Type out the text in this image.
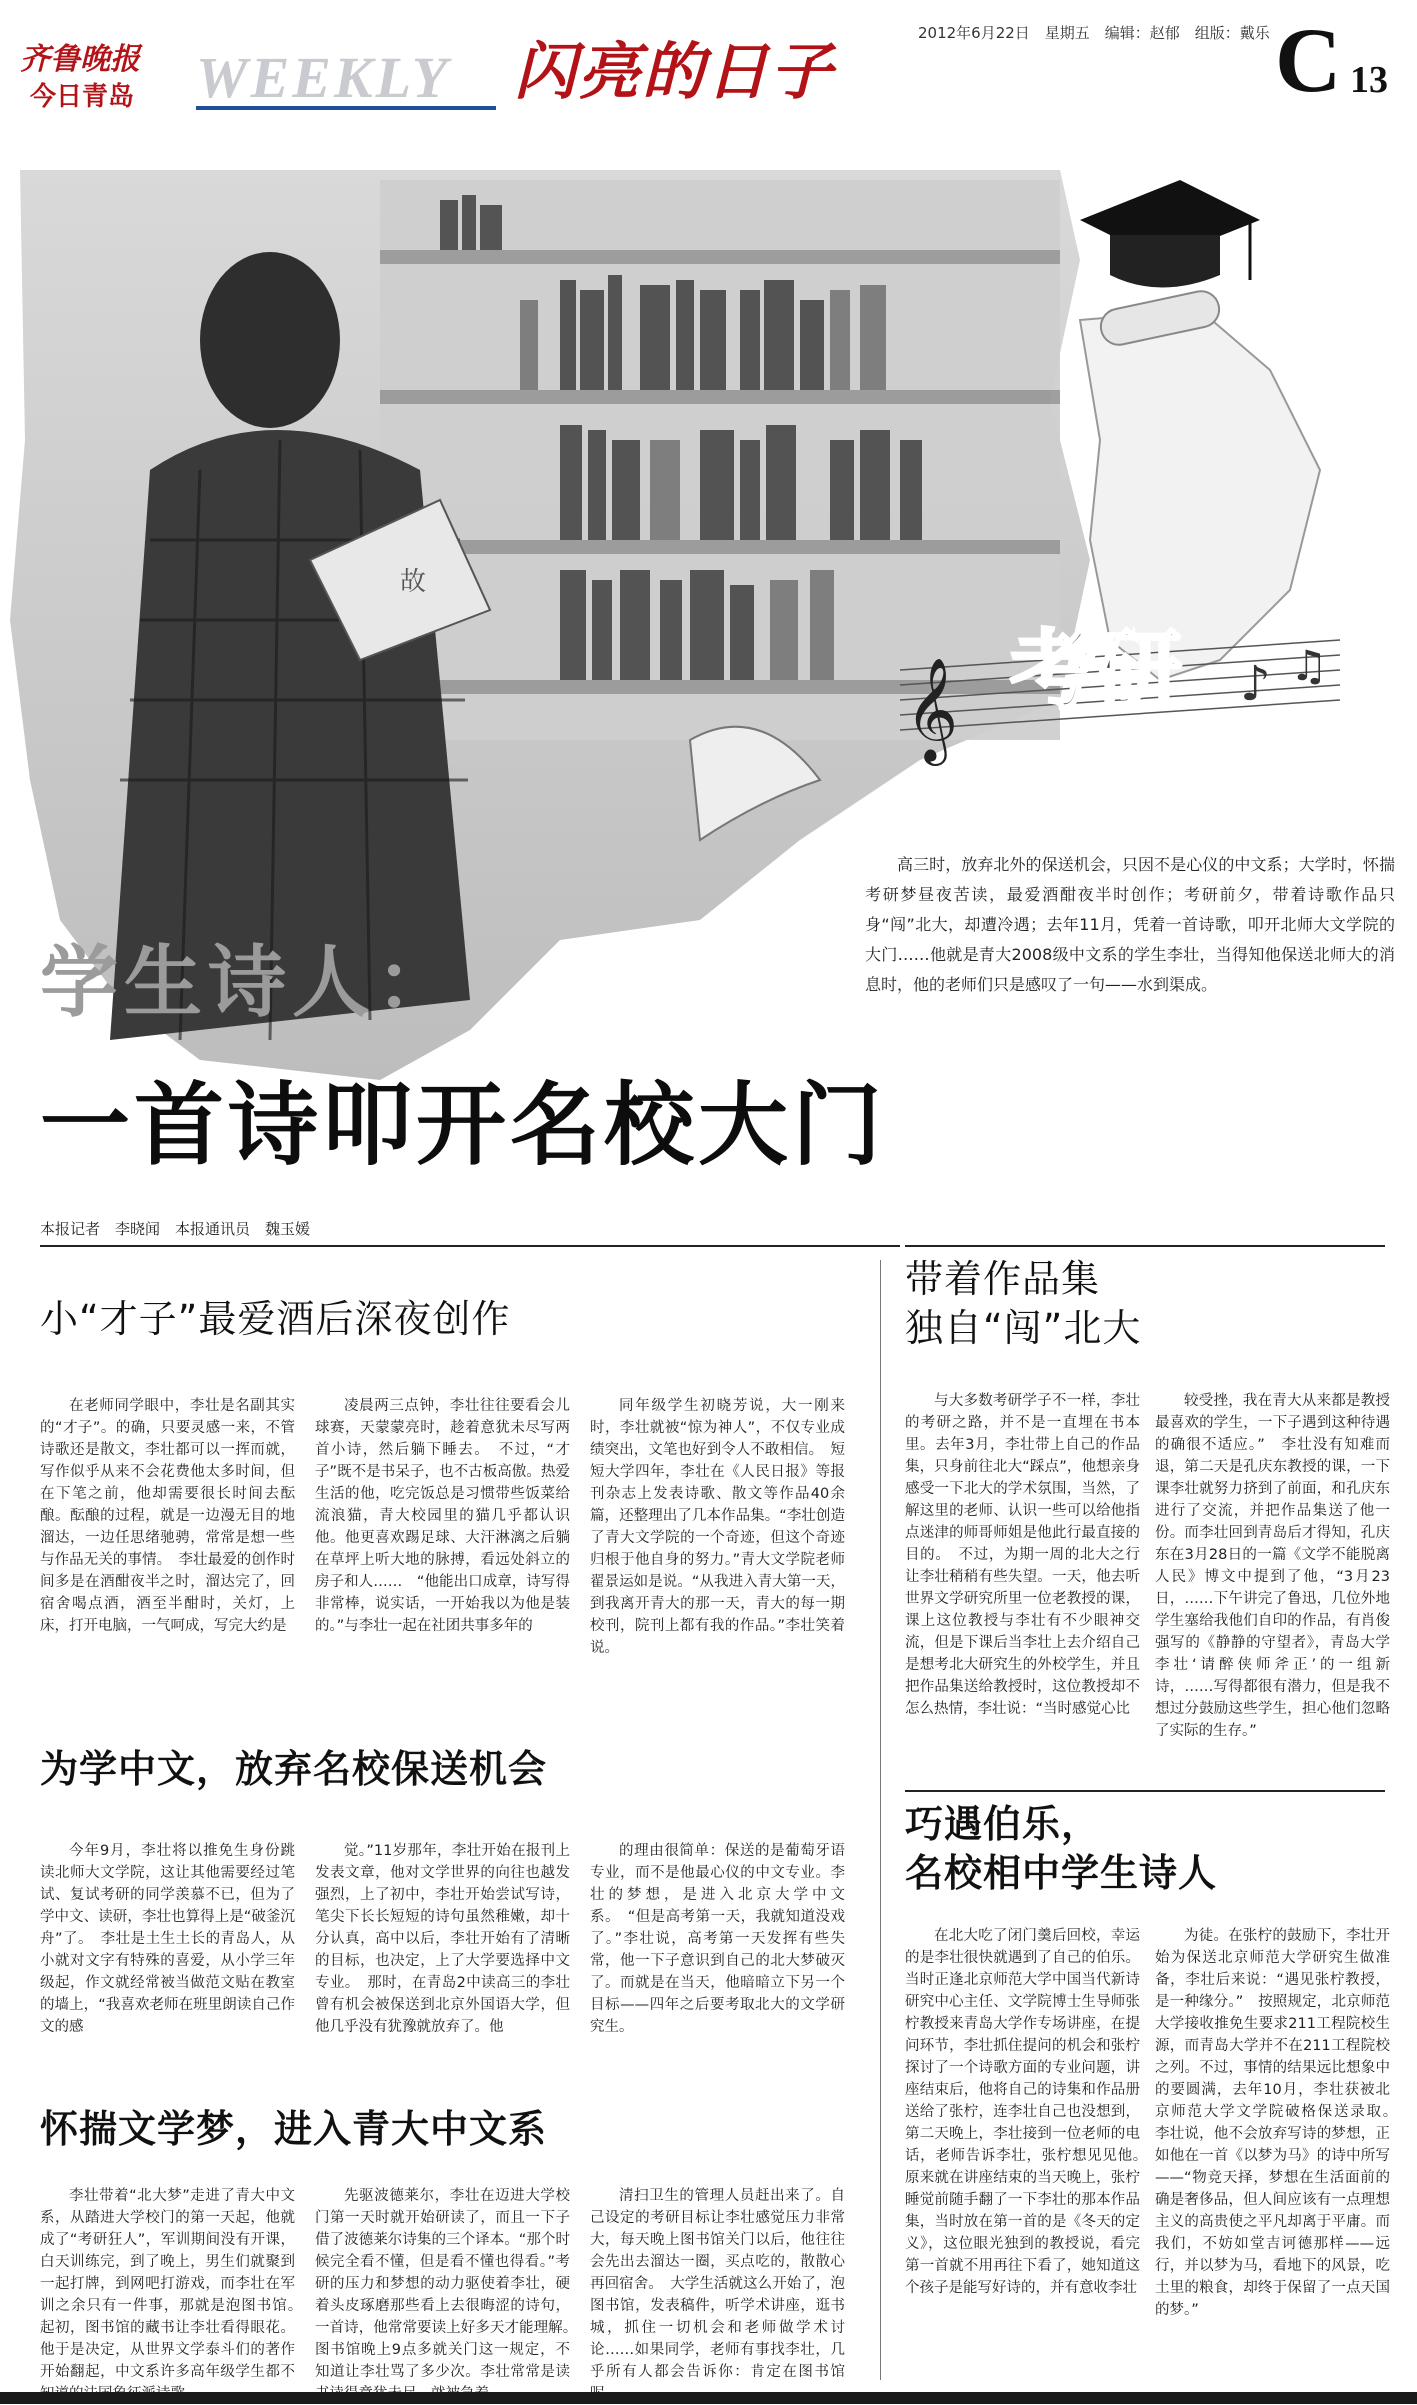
齐鲁晚报
今日青岛 WEEKLY	闪亮的日子
2012年6月22日　星期五　编辑：赵郁　组版：戴乐 C 13
故
𝄞	♪ ♫
考研
高三时，放弃北外的保送机会，只因不是心仪的中文系；大学时，怀揣考研梦昼夜苦读，最爱酒酣夜半时创作；考研前夕，带着诗歌作品只身“闯”北大，却遭冷遇；去年11月，凭着一首诗歌，叩开北师大文学院的大门……他就是青大2008级中文系的学生李壮，当得知他保送北师大的消息时，他的老师们只是感叹了一句——水到渠成。
学生诗人：
一首诗叩开名校大门
本报记者　李晓闻　本报通讯员　魏玉媛
小“才子”最爱酒后深夜创作

在老师同学眼中，李壮是名副其实的“才子”。的确，只要灵感一来，不管诗歌还是散文，李壮都可以一挥而就，写作似乎从来不会花费他太多时间，但在下笔之前，他却需要很长时间去酝酿。酝酿的过程，就是一边漫无目的地溜达，一边任思绪驰骋，常常是想一些与作品无关的事情。　李壮最爱的创作时间多是在酒酣夜半之时，溜达完了，回宿舍喝点酒，酒至半酣时，关灯，上床，打开电脑，一气呵成，写完大约是

凌晨两三点钟，李壮往往要看会儿球赛，天蒙蒙亮时，趁着意犹未尽写两首小诗，然后躺下睡去。　不过，“才子”既不是书呆子，也不古板高傲。热爱生活的他，吃完饭总是习惯带些饭菜给流浪猫，青大校园里的猫几乎都认识他。他更喜欢踢足球、大汗淋漓之后躺在草坪上听大地的脉搏，看远处斜立的房子和人……　“他能出口成章，诗写得非常棒，说实话，一开始我以为他是装的。”与李壮一起在社团共事多年的

同年级学生初晓芳说，大一刚来时，李壮就被“惊为神人”，不仅专业成绩突出，文笔也好到令人不敢相信。　短短大学四年，李壮在《人民日报》等报刊杂志上发表诗歌、散文等作品40余篇，还整理出了几本作品集。“李壮创造了青大文学院的一个奇迹，但这个奇迹归根于他自身的努力。”青大文学院老师翟景运如是说。“从我进入青大第一天，到我离开青大的那一天，青大的每一期校刊，院刊上都有我的作品。”李壮笑着说。

为学中文，放弃名校保送机会

今年9月，李壮将以推免生身份跳读北师大文学院，这让其他需要经过笔试、复试考研的同学羡慕不已，但为了学中文、读研，李壮也算得上是“破釜沉舟”了。　李壮是土生土长的青岛人，从小就对文字有特殊的喜爱，从小学三年级起，作文就经常被当做范文贴在教室的墙上，“我喜欢老师在班里朗读自己作文的感

觉。”11岁那年，李壮开始在报刊上发表文章，他对文学世界的向往也越发强烈，上了初中，李壮开始尝试写诗，笔尖下长长短短的诗句虽然稚嫩，却十分认真，高中以后，李壮开始有了清晰的目标，也决定，上了大学要选择中文专业。　那时，在青岛2中读高三的李壮曾有机会被保送到北京外国语大学，但他几乎没有犹豫就放弃了。他

的理由很简单：保送的是葡萄牙语专业，而不是他最心仪的中文专业。李壮的梦想，是进入北京大学中文系。　“但是高考第一天，我就知道没戏了。”李壮说，高考第一天发挥有些失常，他一下子意识到自己的北大梦破灭了。而就是在当天，他暗暗立下另一个目标——四年之后要考取北大的文学研究生。

怀揣文学梦，进入青大中文系

李壮带着“北大梦”走进了青大中文系，从踏进大学校门的第一天起，他就成了“考研狂人”，军训期间没有开课，白天训练完，到了晚上，男生们就聚到一起打牌，到网吧打游戏，而李壮在军训之余只有一件事，那就是泡图书馆。　起初，图书馆的藏书让李壮看得眼花。他于是决定，从世界文学泰斗们的著作开始翻起，中文系许多高年级学生都不

先驱波德莱尔，李壮在迈进大学校门第一天时就开始研读了，而且一下子借了波德莱尔诗集的三个译本。“那个时候完全看不懂，但是看不懂也得看。”考研的压力和梦想的动力驱使着李壮，硬着头皮琢磨那些看上去很晦涩的诗句，一首诗，他常常要读上好多天才能理解。　图书馆晚上9点多就关门这一规定，不知道让李壮骂了多少次。李壮常常是读

清扫卫生的管理人员赶出来了。自己设定的考研目标让李壮感觉压力非常大，每天晚上图书馆关门以后，他往往会先出去溜达一圈，买点吃的，散散心再回宿舍。　大学生活就这么开始了，泡图书馆，发表稿件，听学术讲座，逛书城，抓住一切机会和老师做学术讨论……如果同学，老师有事找李壮，几乎所有人都会告诉你：肯定在图书馆

带着作品集
独自“闯”北大

与大多数考研学子不一样，李壮的考研之路，并不是一直埋在书本里。去年3月，李壮带上自己的作品集，只身前往北大“踩点”，他想亲身感受一下北大的学术氛围，当然，了解这里的老师、认识一些可以给他指点迷津的师哥师姐是他此行最直接的目的。　不过，为期一周的北大之行让李壮稍稍有些失望。一天，他去听世界文学研究所里一位老教授的课，课上这位教授与李壮有不少眼神交流，但是下课后当李壮上去介绍自己是想考北大研究生的外校学生，并且把作品集送给教授时，这位教授却不怎么热情，李壮说：“当时感觉心比

较受挫，我在青大从来都是教授最喜欢的学生，一下子遇到这种待遇的确很不适应。”　李壮没有知难而退，第二天是孔庆东教授的课，一下课李壮就努力挤到了前面，和孔庆东进行了交流，并把作品集送了他一份。而李壮回到青岛后才得知，孔庆东在3月28日的一篇《文学不能脱离人民》博文中提到了他，“3月23日，……下午讲完了鲁迅，几位外地学生塞给我他们自印的作品，有肖俊强写的《静静的守望者》，青岛大学李壮‘请醉侠师斧正’的一组新诗，……写得都很有潜力，但是我不想过分鼓励这些学生，担心他们忽略了实际的生存。”

巧遇伯乐，
名校相中学生诗人

在北大吃了闭门羹后回校，幸运的是李壮很快就遇到了自己的伯乐。当时正逢北京师范大学中国当代新诗研究中心主任、文学院博士生导师张柠教授来青岛大学作专场讲座，在提问环节，李壮抓住提问的机会和张柠探讨了一个诗歌方面的专业问题，讲座结束后，他将自己的诗集和作品册送给了张柠，连李壮自己也没想到，第二天晚上，李壮接到一位老师的电话，老师告诉李壮，张柠想见见他。　原来就在讲座结束的当天晚上，张柠睡觉前随手翻了一下李壮的那本作品集，当时放在第一首的是《冬天的定义》，这位眼光独到的教授说，看完第一首就不用再往下看了，她知道这个孩子是能写好诗的，并有意收李壮

为徒。在张柠的鼓励下，李壮开始为保送北京师范大学研究生做准备，李壮后来说：“遇见张柠教授，是一种缘分。”　按照规定，北京师范大学接收推免生要求211工程院校生源，而青岛大学并不在211工程院校之列。不过，事情的结果远比想象中的要圆满，去年10月，李壮获被北京师范大学文学院破格保送录取。　李壮说，他不会放弃写诗的梦想，正如他在一首《以梦为马》的诗中所写——“物竞天择，梦想在生活面前的确是奢侈品，但人间应该有一点理想主义的高贵使之平凡却离于平庸。而我们，不妨如堂吉诃德那样——远行，并以梦为马，看地下的风景，吃土里的粮食，却终于保留了一点天国的梦。”
